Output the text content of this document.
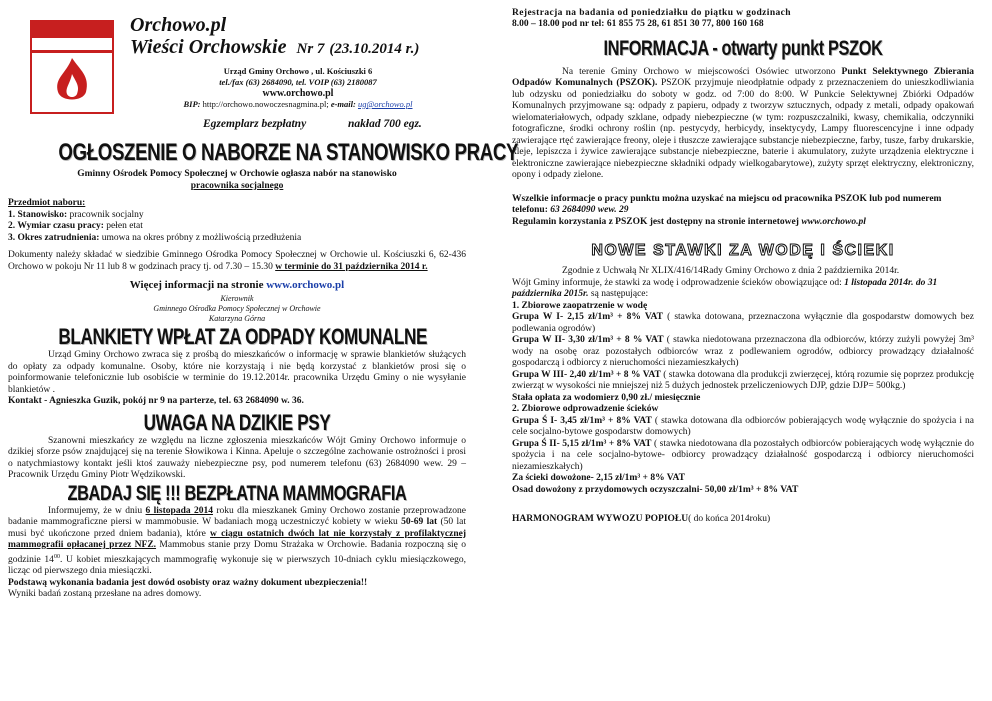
Orchowo.pl
Wieści Orchowskie Nr 7 (23.10.2014 r.)
Urząd Gminy Orchowo , ul. Kościuszki 6
tel./fax (63) 2684090, tel. VOIP (63) 2180087
www.orchowo.pl
BIP: http://orchowo.nowoczesnagmina.pl; e-mail: ug@orchowo.pl
Egzemplarz bezpłatny	nakład 700 egz.
OGŁOSZENIE O NABORZE NA STANOWISKO PRACY

Gminny Ośrodek Pomocy Społecznej w Orchowie ogłasza nabór na stanowisko

pracownika socjalnego

Przedmiot naboru:

1. Stanowisko: pracownik socjalny

2. Wymiar czasu pracy: pełen etat

3. Okres zatrudnienia: umowa na okres próbny z możliwością przedłużenia

Dokumenty należy składać w siedzibie Gminnego Ośrodka Pomocy Społecznej w Orchowie ul. Kościuszki 6, 62-436 Orchowo w pokoju Nr 11 lub 8 w godzinach pracy tj. od 7.30 – 15.30 w terminie do 31 października 2014 r.

Więcej informacji na stronie www.orchowo.pl

Kierownik

Gminnego Ośrodka Pomocy Społecznej w Orchowie

Katarzyna Górna

BLANKIETY WPŁAT ZA ODPADY KOMUNALNE

Urząd Gminy Orchowo zwraca się z prośbą do mieszkańców o informację w sprawie blankietów służących do opłaty za odpady komunalne. Osoby, które nie korzystają i nie będą korzystać z blankietów prosi się o poinformowanie telefonicznie lub osobiście w terminie do 19.12.2014r. pracownika Urzędu Gminy o nie wysyłanie blankietów .

Kontakt - Agnieszka Guzik, pokój nr 9 na parterze, tel. 63 2684090 w. 36.

UWAGA NA DZIKIE PSY

Szanowni mieszkańcy ze względu na liczne zgłoszenia mieszkańców Wójt Gminy Orchowo informuje o dzikiej sforze psów znajdującej się na terenie Słowikowa i Kinna. Apeluje o szczególne zachowanie ostrożności i prosi o natychmiastowy kontakt jeśli ktoś zauważy niebezpieczne psy, pod numerem telefonu (63) 2684090 wew. 29 – Pracownik Urzędu Gminy Piotr Wędzikowski.

ZBADAJ SIĘ !!! BEZPŁATNA MAMMOGRAFIA

Informujemy, że w dniu 6 listopada 2014 roku dla mieszkanek Gminy Orchowo zostanie przeprowadzone badanie mammograficzne piersi w mammobusie. W badaniach mogą uczestniczyć kobiety w wieku 50-69 lat (50 lat musi być ukończone przed dniem badania), które w ciągu ostatnich dwóch lat nie korzystały z profilaktycznej mammografii opłacanej przez NFZ. Mammobus stanie przy Domu Strażaka w Orchowie. Badania rozpoczną się o godzinie $14^{00}$. U kobiet mieszkających mammografię wykonuje się w pierwszych 10-dniach cyklu miesiączkowego, licząc od pierwszego dnia miesiączki.

Podstawą wykonania badania jest dowód osobisty oraz ważny dokument ubezpieczenia!!

Wyniki badań zostaną przesłane na adres domowy.

Rejestracja na badania od poniedziałku do piątku w godzinach

8.00 – 18.00 pod nr tel: 61 855 75 28, 61 851 30 77, 800 160 168

INFORMACJA - otwarty punkt PSZOK

Na terenie Gminy Orchowo w miejscowości Osówiec utworzono Punkt Selektywnego Zbierania Odpadów Komunalnych (PSZOK). PSZOK przyjmuje nieodpłatnie odpady z przeznaczeniem do unieszkodliwiania lub odzysku od poniedziałku do soboty w godz. od 7:00 do 8:00. W Punkcie Selektywnej Zbiórki Odpadów Komunalnych przyjmowane są: odpady z papieru, odpady z tworzyw sztucznych, odpady z metali, odpady opakowań wielomateriałowych, odpady szklane, odpady niebezpieczne (w tym: rozpuszczalniki, kwasy, chemikalia, odczynniki fotograficzne, środki ochrony roślin (np. pestycydy, herbicydy, insektycydy, Lampy fluorescencyjne i inne odpady zawierające rtęć zawierające freony, oleje i tłuszcze zawierające substancje niebezpieczne, farby, tusze, farby drukarskie, kleje, lepiszcza i żywice zawierające substancje niebezpieczne, baterie i akumulatory, zużyte urządzenia elektryczne i elektroniczne zawierające niebezpieczne składniki odpady wielkogabarytowe), zużyty sprzęt elektryczny, elektroniczny, opony i odpady zielone.

Wszelkie informacje o pracy punktu można uzyskać na miejscu od pracownika PSZOK lub pod numerem telefonu: 63 2684090 wew. 29

Regulamin korzystania z PSZOK jest dostępny na stronie internetowej www.orchowo.pl

NOWE STAWKI ZA WODĘ I ŚCIEKI

Zgodnie z Uchwałą Nr XLIX/416/14Rady Gminy Orchowo z dnia 2 października 2014r.

Wójt Gminy informuje, że stawki za wodę i odprowadzenie ścieków obowiązujące od: 1 listopada 2014r. do 31 października 2015r. są następujące:

1. Zbiorowe zaopatrzenie w wodę

Grupa W I- 2,15 zł/1m³ + 8% VAT ( stawka dotowana, przeznaczona wyłącznie dla gospodarstw domowych bez podlewania ogrodów)

Grupa W II- 3,30 zł/1m³ + 8 % VAT ( stawka niedotowana przeznaczona dla odbiorców, którzy zużyli powyżej 3m³ wody na osobę oraz pozostałych odbiorców wraz z podlewaniem ogrodów, odbiorcy prowadzący działalność gospodarczą i odbiorcy z nieruchomości niezamieszkałych)

Grupa W III- 2,40 zł/1m³ + 8 % VAT ( stawka dotowana dla produkcji zwierzęcej, którą rozumie się poprzez produkcję zwierząt w wysokości nie mniejszej niż 5 dużych jednostek przeliczeniowych DJP, gdzie DJP= 500kg.)

Stała opłata za wodomierz 0,90 zł./ miesięcznie

2. Zbiorowe odprowadzenie ścieków

Grupa Ś I- 3,45 zł/1m³ + 8% VAT ( stawka dotowana dla odbiorców pobierających wodę wyłącznie do spożycia i na cele socjalno-bytowe gospodarstw domowych)

Grupa Ś II- 5,15 zł/1m³ + 8% VAT ( stawka niedotowana dla pozostałych odbiorców pobierających wodę wyłącznie do spożycia i na cele socjalno-bytowe- odbiorcy prowadzący działalność gospodarczą i odbiorcy nieruchomości niezamieszkałych)

Za ścieki dowożone- 2,15 zł/1m³ + 8% VAT

Osad dowożony z przydomowych oczyszczalni- 50,00 zł/1m³ + 8% VAT

HARMONOGRAM WYWOZU POPIOŁU( do końca 2014roku)
